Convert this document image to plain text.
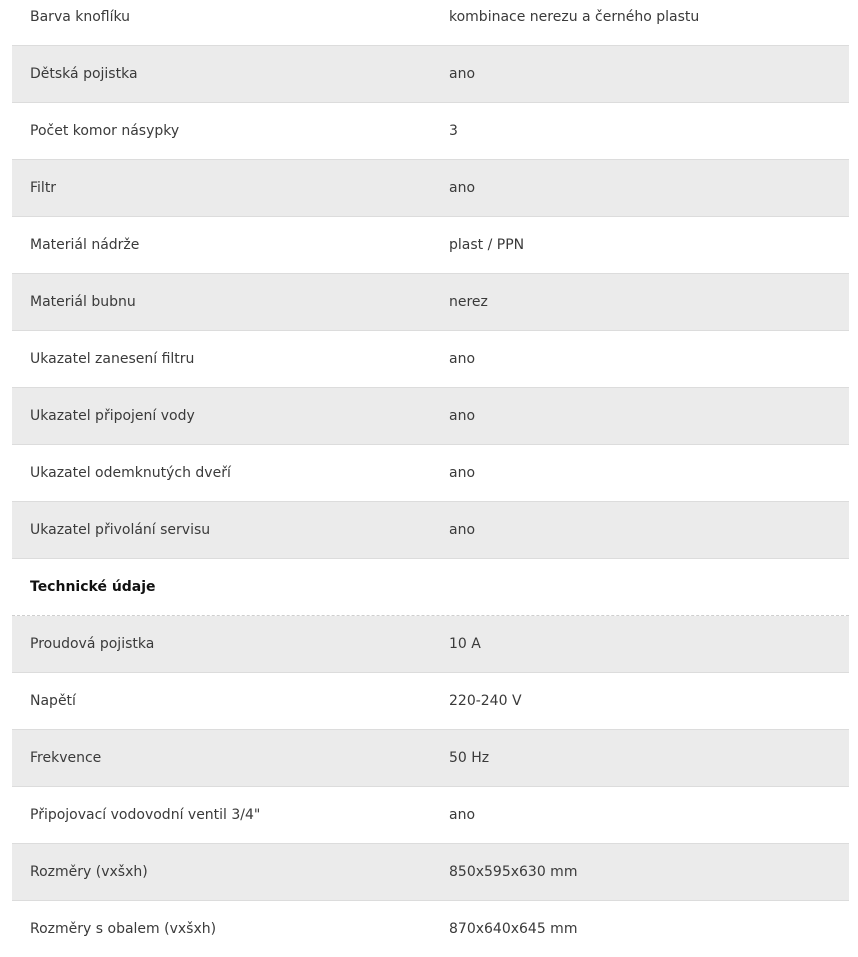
Barva knoflíku	kombinace nerezu a černého plastu
Dětská pojistka	ano
Počet komor násypky	3
Filtr	ano
Materiál nádrže	plast / PPN
Materiál bubnu	nerez
Ukazatel zanesení filtru	ano
Ukazatel připojení vody	ano
Ukazatel odemknutých dveří	ano
Ukazatel přivolání servisu	ano
Technické údaje
Proudová pojistka	10 A
Napětí	220-240 V
Frekvence	50 Hz
Připojovací vodovodní ventil 3/4"	ano
Rozměry (vxšxh)	850x595x630 mm
Rozměry s obalem (vxšxh)	870x640x645 mm
